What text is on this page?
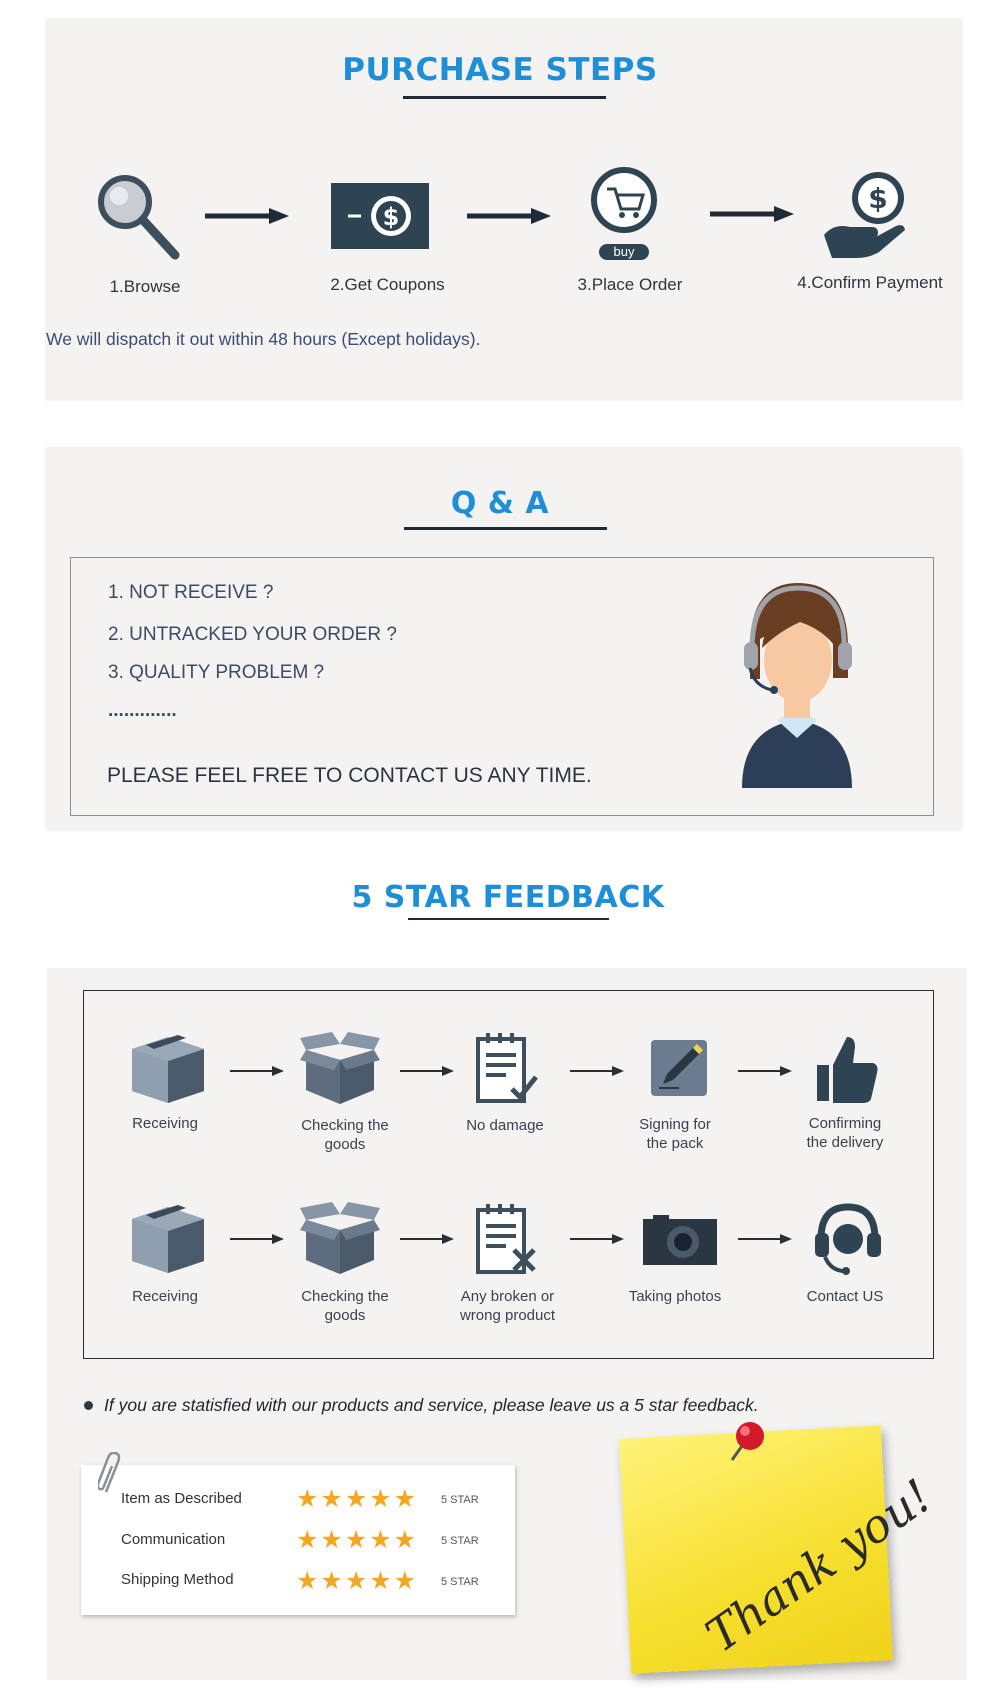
PURCHASE STEPS
$
buy
$
1.Browse	2.Get Coupons	3.Place Order	4.Confirm Payment
We will dispatch it out within 48 hours (Except holidays).
Q & A
1. NOT RECEIVE ?
2. UNTRACKED YOUR ORDER ?
3. QUALITY PROBLEM ?
.............
PLEASE FEEL FREE TO CONTACT US ANY TIME.
5 STAR FEEDBACK
Receiving	Checking the
goods
No damage	Signing for
the pack
Confirming
the delivery
Receiving	Checking the
goods
Any broken or
wrong product
Taking photos	Contact US
If you are statisfied with our products and service, please leave us a 5 star feedback.
Item as Described ★★★★★ 5 STAR
Communication	★★★★★ 5 STAR
Shipping Method ★★★★★ 5 STAR	Thank you!
